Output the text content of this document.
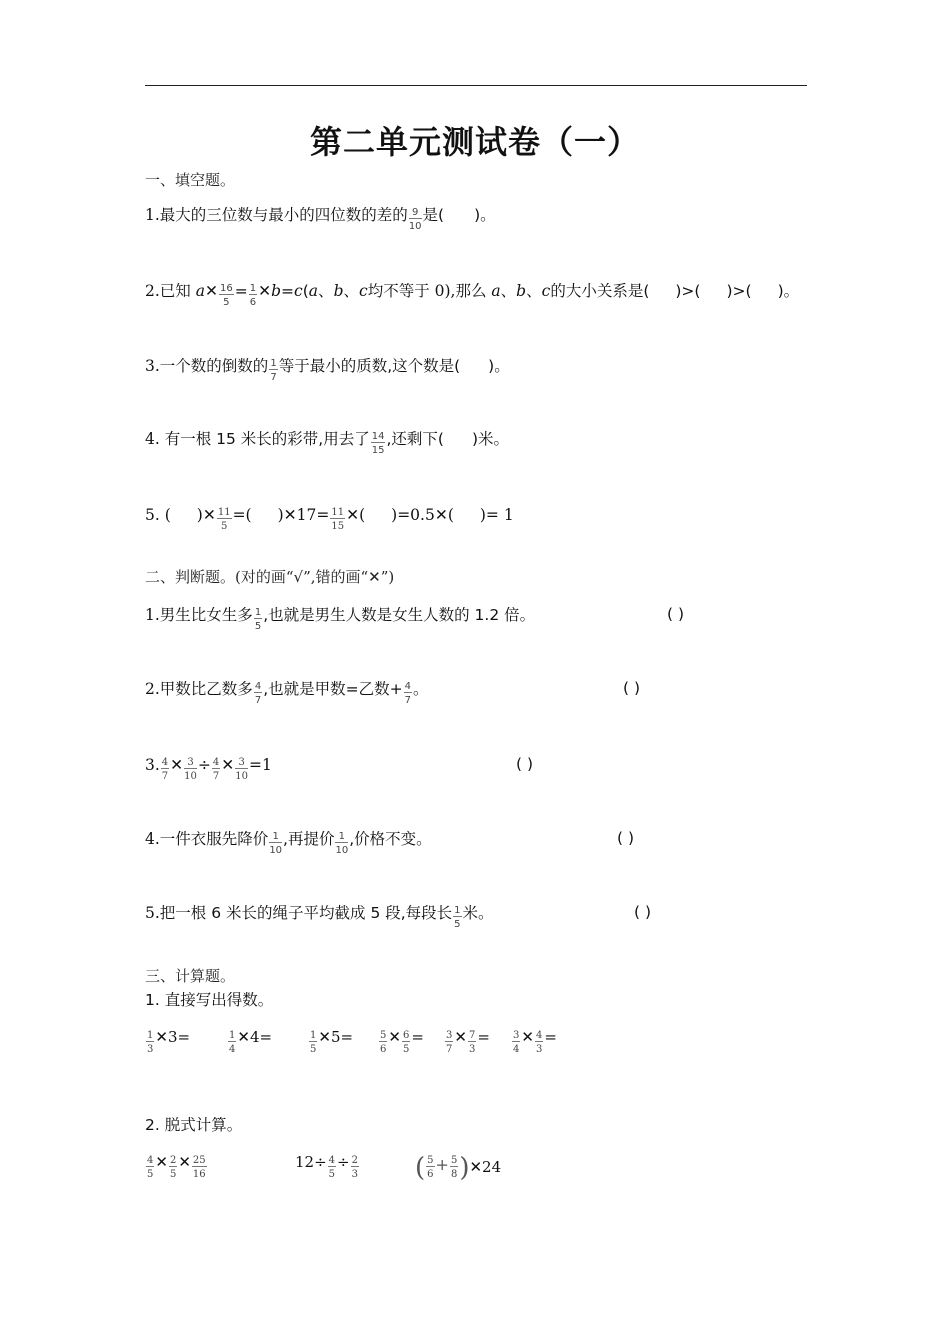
第二单元测试卷（一）
一、填空题。
1.最大的三位数与最小的四位数的差的 $\frac{9}{10}$ 是( )。
2.已知 a✕ $\frac{16}{5} = \frac{1}{6}$ ✕b=c(a、b、c均不等于 0),那么 a、b、c的大小关系是( )>( )>( )。
3.一个数的倒数的 $\frac{1}{7}$ 等于最小的质数,这个数是( )。
4. 有一根 15 米长的彩带,用去了 $\frac{14}{15}$ ,还剩下( )米。
5. ( )✕ $\frac{11}{5}$ =( )✕17= $\frac{11}{15}$ ✕( )=0.5✕( )= 1
二、判断题。(对的画“√”,错的画“✕”)
1.男生比女生多 $\frac{1}{5}$ ,也就是男生人数是女生人数的 1.2 倍。	( )
2.甲数比乙数多 $\frac{4}{7}$ ,也就是甲数=乙数+ $\frac{4}{7}$ 。	( )
3. $\frac{4}{7}$ ✕ $\frac{3}{10} \div \frac{4}{7}$ ✕ $\frac{3}{10} =1$	( )
4.一件衣服先降价 $\frac{1}{10}$ ,再提价 $\frac{1}{10}$ ,价格不变。	( )
5.把一根 6 米长的绳子平均截成 5 段,每段长 $\frac{1}{5}$ 米。	( )
三、计算题。
1. 直接写出得数。
$\frac{1}{3}$ ✕3=	$\frac{1}{4}$ ✕4=	$\frac{1}{5}$ ✕5=	$\frac{5}{6}$ ✕ $\frac{6}{5} = \frac{3}{7}$ ✕ $\frac{7}{3} = \frac{3}{4}$ ✕ $\frac{4}{3}$ =
2. 脱式计算。
$\frac{4}{5}$ ✕ $\frac{2}{5}$ ✕ $\frac{25}{16}$	$12\div \frac{4}{5} \div \frac{2}{3}$ ( $\frac{5}{6} + \frac{5}{8}$ )✕24
